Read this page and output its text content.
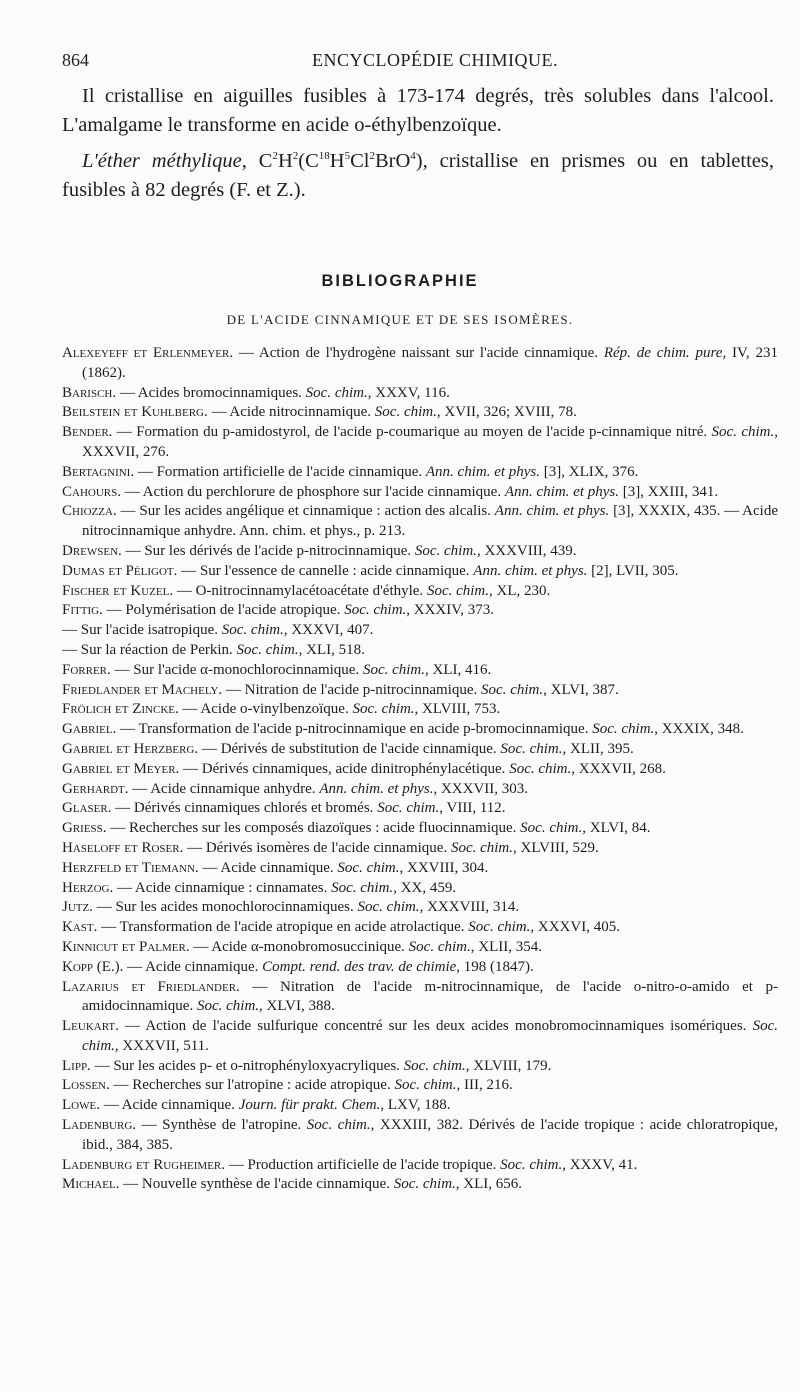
864	ENCYCLOPÉDIE CHIMIQUE.
Il cristallise en aiguilles fusibles à 173-174 degrés, très solubles dans l'alcool. L'amalgame le transforme en acide o-éthylbenzoïque.
L'éther méthylique, $C^2H^2(C^{18}H^5Cl^2BrO^4)$, cristallise en prismes ou en tablettes, fusibles à 82 degrés (F. et Z.).
BIBLIOGRAPHIE
DE L'ACIDE CINNAMIQUE ET DE SES ISOMÈRES.
Alexeyeff et Erlenmeyer. — Action de l'hydrogène naissant sur l'acide cinnamique. Rép. de chim. pure, IV, 231 (1862).
Barisch. — Acides bromocinnamiques. Soc. chim., XXXV, 116.
Beilstein et Kuhlberg. — Acide nitrocinnamique. Soc. chim., XVII, 326; XVIII, 78.
Bender. — Formation du p-amidostyrol, de l'acide p-coumarique au moyen de l'acide p-cinnamique nitré. Soc. chim., XXXVII, 276.
Bertagnini. — Formation artificielle de l'acide cinnamique. Ann. chim. et phys. [3], XLIX, 376.
Cahours. — Action du perchlorure de phosphore sur l'acide cinnamique. Ann. chim. et phys. [3], XXIII, 341.
Chiozza. — Sur les acides angélique et cinnamique : action des alcalis. Ann. chim. et phys. [3], XXXIX, 435. — Acide nitrocinnamique anhydre. Ann. chim. et phys., p. 213.
Drewsen. — Sur les dérivés de l'acide p-nitrocinnamique. Soc. chim., XXXVIII, 439.
Dumas et Péligot. — Sur l'essence de cannelle : acide cinnamique. Ann. chim. et phys. [2], LVII, 305.
Fischer et Kuzel. — O-nitrocinnamylacétoacétate d'éthyle. Soc. chim., XL, 230.
Fittig. — Polymérisation de l'acide atropique. Soc. chim., XXXIV, 373.
— Sur l'acide isatropique. Soc. chim., XXXVI, 407.
— Sur la réaction de Perkin. Soc. chim., XLI, 518.
Forrer. — Sur l'acide α-monochlorocinnamique. Soc. chim., XLI, 416.
Friedlander et Machely. — Nitration de l'acide p-nitrocinnamique. Soc. chim., XLVI, 387.
Frölich et Zincke. — Acide o-vinylbenzoïque. Soc. chim., XLVIII, 753.
Gabriel. — Transformation de l'acide p-nitrocinnamique en acide p-bromocinnamique. Soc. chim., XXXIX, 348.
Gabriel et Herzberg. — Dérivés de substitution de l'acide cinnamique. Soc. chim., XLII, 395.
Gabriel et Meyer. — Dérivés cinnamiques, acide dinitrophénylacétique. Soc. chim., XXXVII, 268.
Gerhardt. — Acide cinnamique anhydre. Ann. chim. et phys., XXXVII, 303.
Glaser. — Dérivés cinnamiques chlorés et bromés. Soc. chim., VIII, 112.
Griess. — Recherches sur les composés diazoïques : acide fluocinnamique. Soc. chim., XLVI, 84.
Haseloff et Roser. — Dérivés isomères de l'acide cinnamique. Soc. chim., XLVIII, 529.
Herzfeld et Tiemann. — Acide cinnamique. Soc. chim., XXVIII, 304.
Herzog. — Acide cinnamique : cinnamates. Soc. chim., XX, 459.
Jutz. — Sur les acides monochlorocinnamiques. Soc. chim., XXXVIII, 314.
Kast. — Transformation de l'acide atropique en acide atrolactique. Soc. chim., XXXVI, 405.
Kinnicut et Palmer. — Acide α-monobromosuccinique. Soc. chim., XLII, 354.
Kopp (E.). — Acide cinnamique. Compt. rend. des trav. de chimie, 198 (1847).
Lazarius et Friedlander. — Nitration de l'acide m-nitrocinnamique, de l'acide o-nitro-o-amido et p-amidocinnamique. Soc. chim., XLVI, 388.
Leukart. — Action de l'acide sulfurique concentré sur les deux acides monobromocinnamiques isomériques. Soc. chim., XXXVII, 511.
Lipp. — Sur les acides p- et o-nitrophénylοxyacryliques. Soc. chim., XLVIII, 179.
Lossen. — Recherches sur l'atropine : acide atropique. Soc. chim., III, 216.
Lowe. — Acide cinnamique. Journ. für prakt. Chem., LXV, 188.
Ladenburg. — Synthèse de l'atropine. Soc. chim., XXXIII, 382. Dérivés de l'acide tropique : acide chloratropique, ibid., 384, 385.
Ladenburg et Rugheimer. — Production artificielle de l'acide tropique. Soc. chim., XXXV, 41.
Michael. — Nouvelle synthèse de l'acide cinnamique. Soc. chim., XLI, 656.
